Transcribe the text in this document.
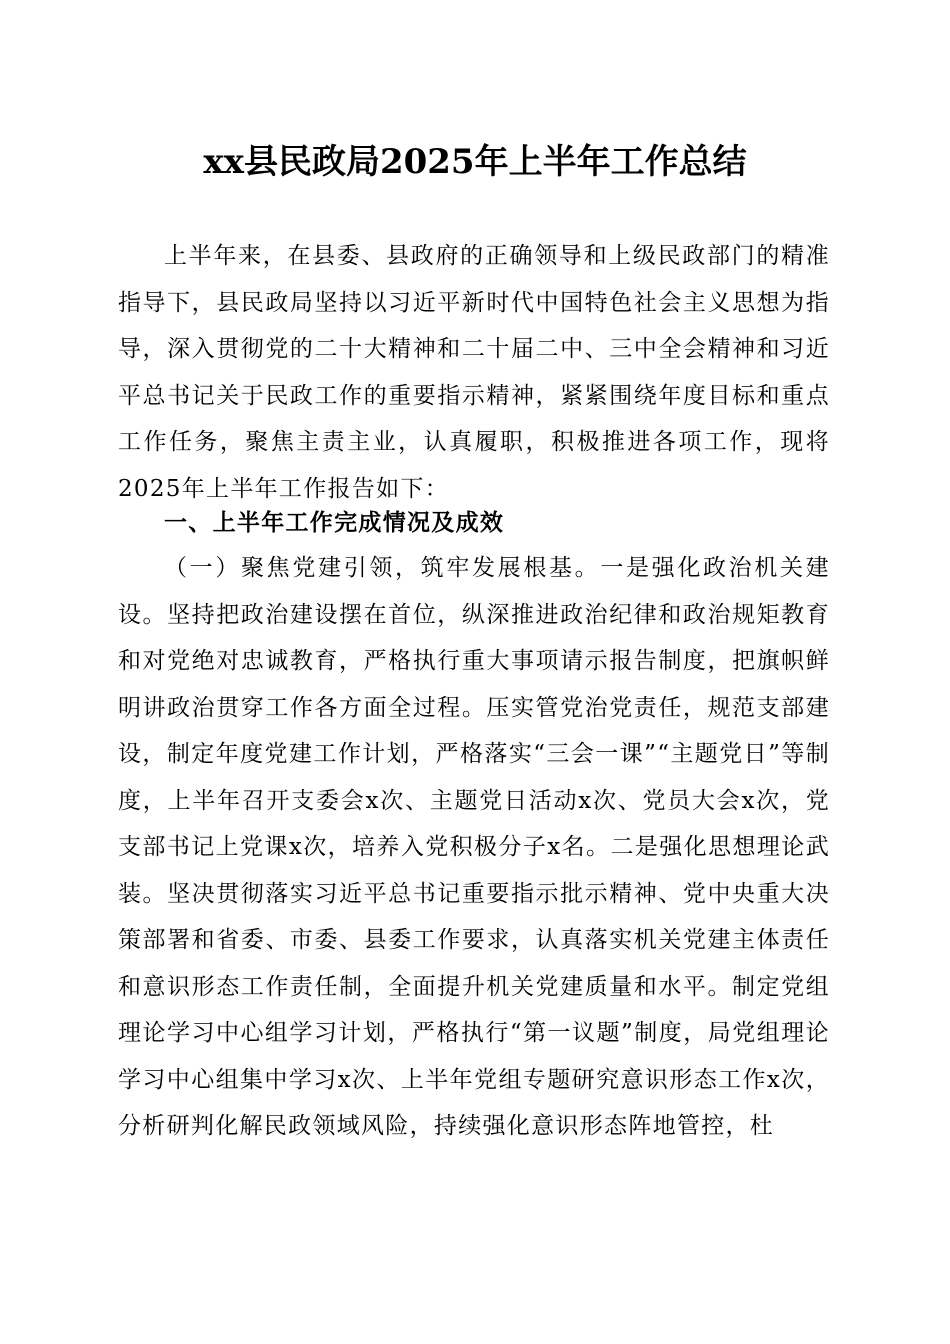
xx县民政局2025年上半年工作总结

上半年来，在县委、县政府的正确领导和上级民政部门的精准指导下，县民政局坚持以习近平新时代中国特色社会主义思想为指导，深入贯彻党的二十大精神和二十届二中、三中全会精神和习近平总书记关于民政工作的重要指示精神，紧紧围绕年度目标和重点工作任务，聚焦主责主业，认真履职，积极推进各项工作，现将2025年上半年工作报告如下：

一、上半年工作完成情况及成效

（一）聚焦党建引领，筑牢发展根基。一是强化政治机关建设。坚持把政治建设摆在首位，纵深推进政治纪律和政治规矩教育和对党绝对忠诚教育，严格执行重大事项请示报告制度，把旗帜鲜明讲政治贯穿工作各方面全过程。压实管党治党责任，规范支部建设，制定年度党建工作计划，严格落实“三会一课”“主题党日”等制度，上半年召开支委会x次、主题党日活动x次、党员大会x次，党支部书记上党课x次，培养入党积极分子x名。二是强化思想理论武装。坚决贯彻落实习近平总书记重要指示批示精神、党中央重大决策部署和省委、市委、县委工作要求，认真落实机关党建主体责任和意识形态工作责任制，全面提升机关党建质量和水平。制定党组理论学习中心组学习计划，严格执行“第一议题”制度，局党组理论学习中心组集中学习x次、上半年党组专题研究意识形态工作x次，分析研判化解民政领域风险，持续强化意识形态阵地管控，杜
